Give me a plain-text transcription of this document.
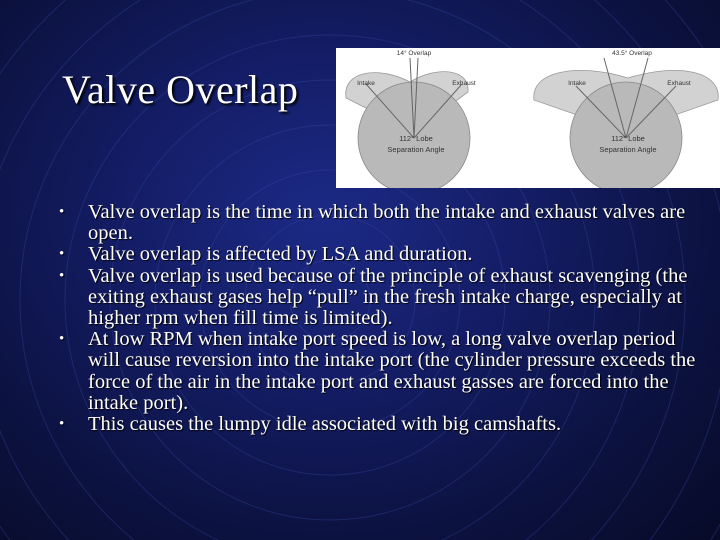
Valve Overlap
14° Overlap
Intake	Exhaust
112° Lobe
Separation Angle
43.5° Overlap
Intake	Exhaust
112° Lobe
Separation Angle
• Valve overlap is the time in which both the intake and exhaust valves are open.
• Valve overlap is affected by LSA and duration.
• Valve overlap is used because of the principle of exhaust scavenging (the exiting exhaust gases help “pull” in the fresh intake charge, especially at higher rpm when fill time is limited).
• At low RPM when intake port speed is low, a long valve overlap period will cause reversion into the intake port (the cylinder pressure exceeds the force of the air in the intake port and exhaust gasses are forced into the intake port).
• This causes the lumpy idle associated with big camshafts.
